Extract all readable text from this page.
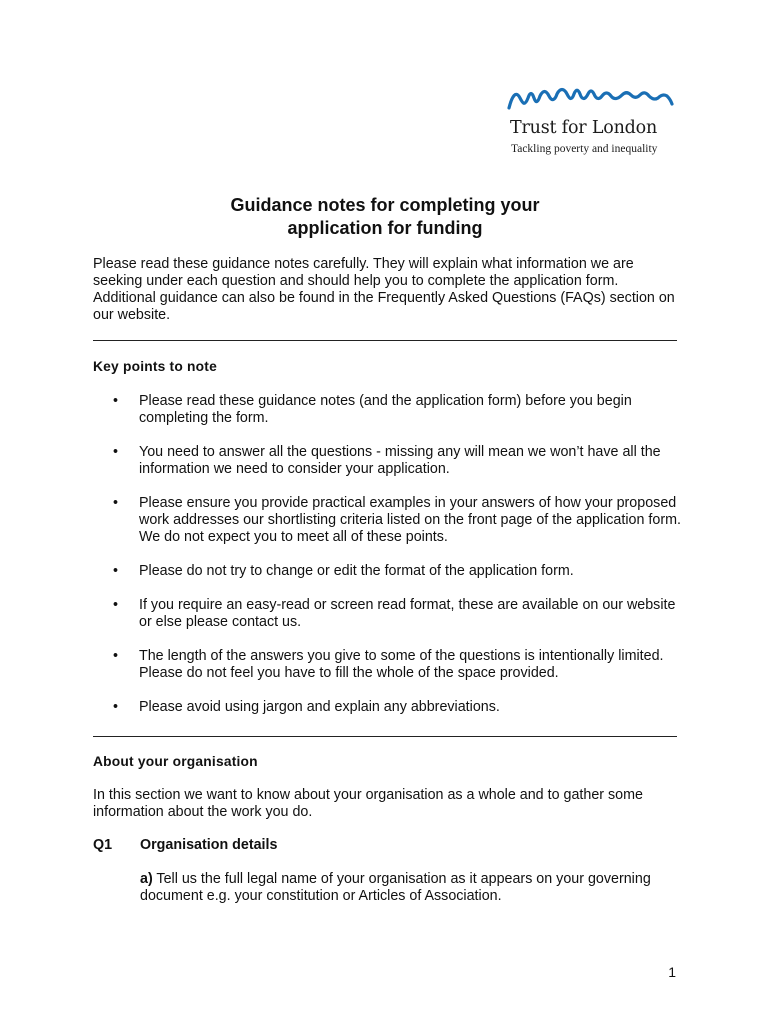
Trust for London
Tackling poverty and inequality
Guidance notes for completing your
application for funding
Please read these guidance notes carefully. They will explain what information we are seeking under each question and should help you to complete the application form. Additional guidance can also be found in the Frequently Asked Questions (FAQs) section on our website.
Key points to note
• Please read these guidance notes (and the application form) before you begin completing the form.
• You need to answer all the questions - missing any will mean we won’t have all the information we need to consider your application.
• Please ensure you provide practical examples in your answers of how your proposed work addresses our shortlisting criteria listed on the front page of the application form. We do not expect you to meet all of these points.
• Please do not try to change or edit the format of the application form.
• If you require an easy-read or screen read format, these are available on our website or else please contact us.
• The length of the answers you give to some of the questions is intentionally limited. Please do not feel you have to fill the whole of the space provided.
• Please avoid using jargon and explain any abbreviations.
About your organisation
In this section we want to know about your organisation as a whole and to gather some information about the work you do.
Q1 Organisation details
a) Tell us the full legal name of your organisation as it appears on your governing document e.g. your constitution or Articles of Association.
1
